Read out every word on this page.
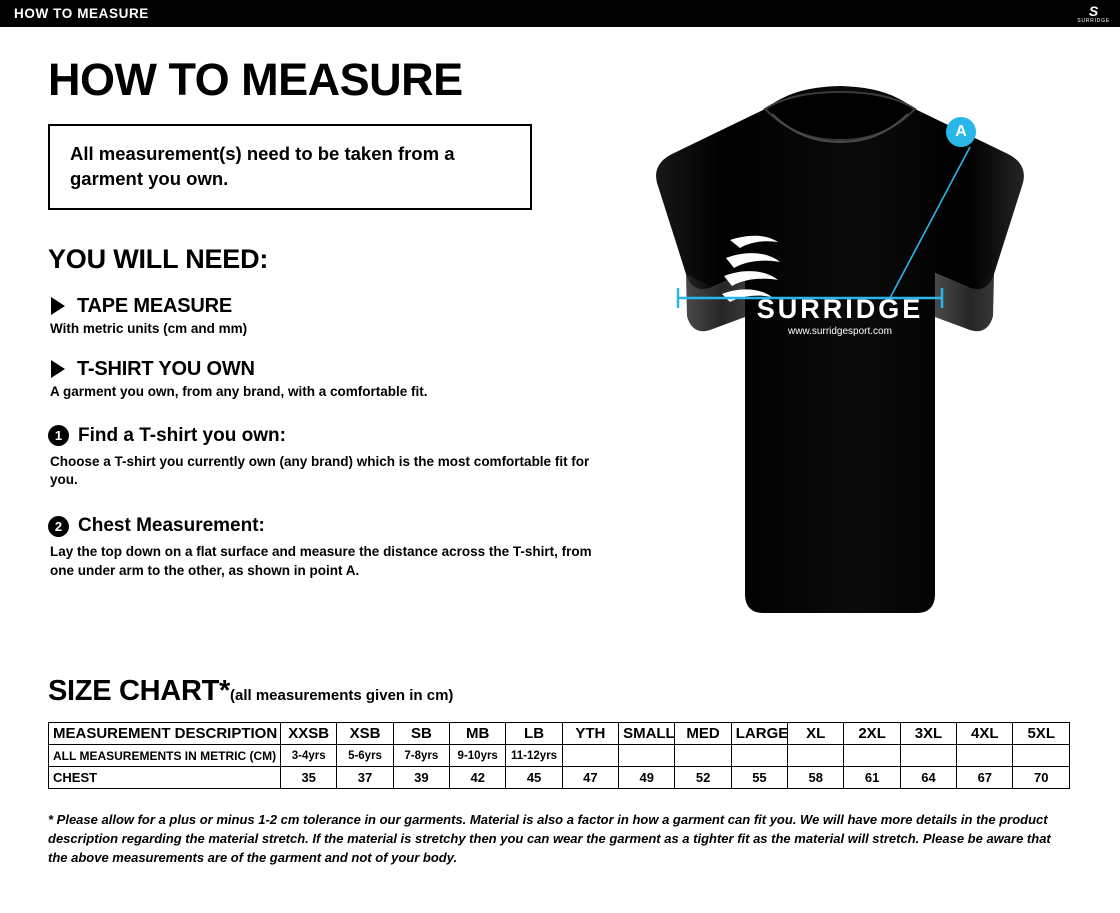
HOW TO MEASURE	S
SURRIDGE
HOW TO MEASURE
All measurement(s) need to be taken from a garment you own.
YOU WILL NEED:
TAPE MEASURE
With metric units (cm and mm)
T-SHIRT YOU OWN
A garment you own, from any brand, with a comfortable fit.
1 Find a T-shirt you own:
Choose a T-shirt you currently own (any brand) which is the most comfortable fit for you.
2 Chest Measurement:
Lay the top down on a flat surface and measure the distance across the T-shirt, from one under arm to the other, as shown in point A.
SURRIDGE
www.surridgesport.com
A
SIZE CHART*(all measurements given in cm)
MEASUREMENT DESCRIPTION	XXSB	XSB	SB	MB	LB	YTH	SMALL	MED	LARGE	XL	2XL	3XL	4XL	5XL
ALL MEASUREMENTS IN METRIC (CM)	3-4yrs	5-6yrs	7-8yrs	9-10yrs	11-12yrs									
CHEST	35	37	39	42	45	47	49	52	55	58	61	64	67	70
* Please allow for a plus or minus 1-2 cm tolerance in our garments. Material is also a factor in how a garment can fit you. We will have more details in the product description regarding the material stretch. If the material is stretchy then you can wear the garment as a tighter fit as the material will stretch. Please be aware that the above measurements are of the garment and not of your body.
